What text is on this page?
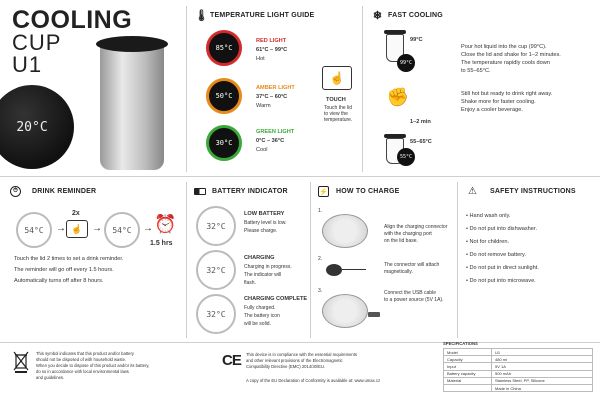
COOLING
CUP
U1
20°C
🌡 TEMPERATURE LIGHT GUIDE
85°C
RED LIGHT
61°C – 99°C
Hot
50°C
AMBER LIGHT
37°C – 60°C
Warm
30°C
GREEN LIGHT
0°C – 36°C
Cool
☝
TOUCH
Touch the lid
to view the
temperature.
❄ FAST COOLING
99°C
99°C
✊
1–2 min
55–65°C
55°C
Pour hot liquid into the cup (99°C).
Close the lid and shake for 1–2 minutes.
The temperature rapidly cools down
to 55–65°C.
Still hot but ready to drink right away.
Shake more for faster cooling.
Enjoy a cooler beverage.
⏱	DRINK REMINDER
54°C →
2x
☝ → 54°C → ⏰
1.5 hrs
Touch the lid 2 times to set a drink reminder.
The reminder will go off every 1.5 hours.
Automatically turns off after 8 hours.
BATTERY INDICATOR
32°C
LOW BATTERY
Battery level is low.
Please charge.
32°C
CHARGING
Charging in progress.
The indicator will
flash.
32°C
CHARGING COMPLETE
Fully charged.
The battery icon
will be solid.
⚡ HOW TO CHARGE
1.
Align the charging connector
with the charging port
on the lid base.
2.
The connector will attach
magnetically.
3.	Connect the USB cable
to a power source (5V 1A).
⚠ SAFETY INSTRUCTIONS
• Hand wash only.
• Do not put into dishwasher.
• Not for children.
• Do not remove battery.
• Do not put in direct sunlight.
• Do not put into microwave.
This symbol indicates that this product and/or battery
should not be disposed of with household waste.
When you decide to dispose of this product and/or its battery,
do so in accordance with local environmental laws
and guidelines.
CE This device is in compliance with the essential requirements
and other relevant provisions of the Electromagnetic
Compatibility Directive (EMC) 2014/30/EU.
A copy of the EU Declaration of Conformity is available at: www.umax.cz
SPECIFICATIONS
Model	U1
Capacity	480 ml
Input	5V 1A
Battery capacity	500 mAh
Material	Stainless Steel, PP, Silicone
	Made in China
